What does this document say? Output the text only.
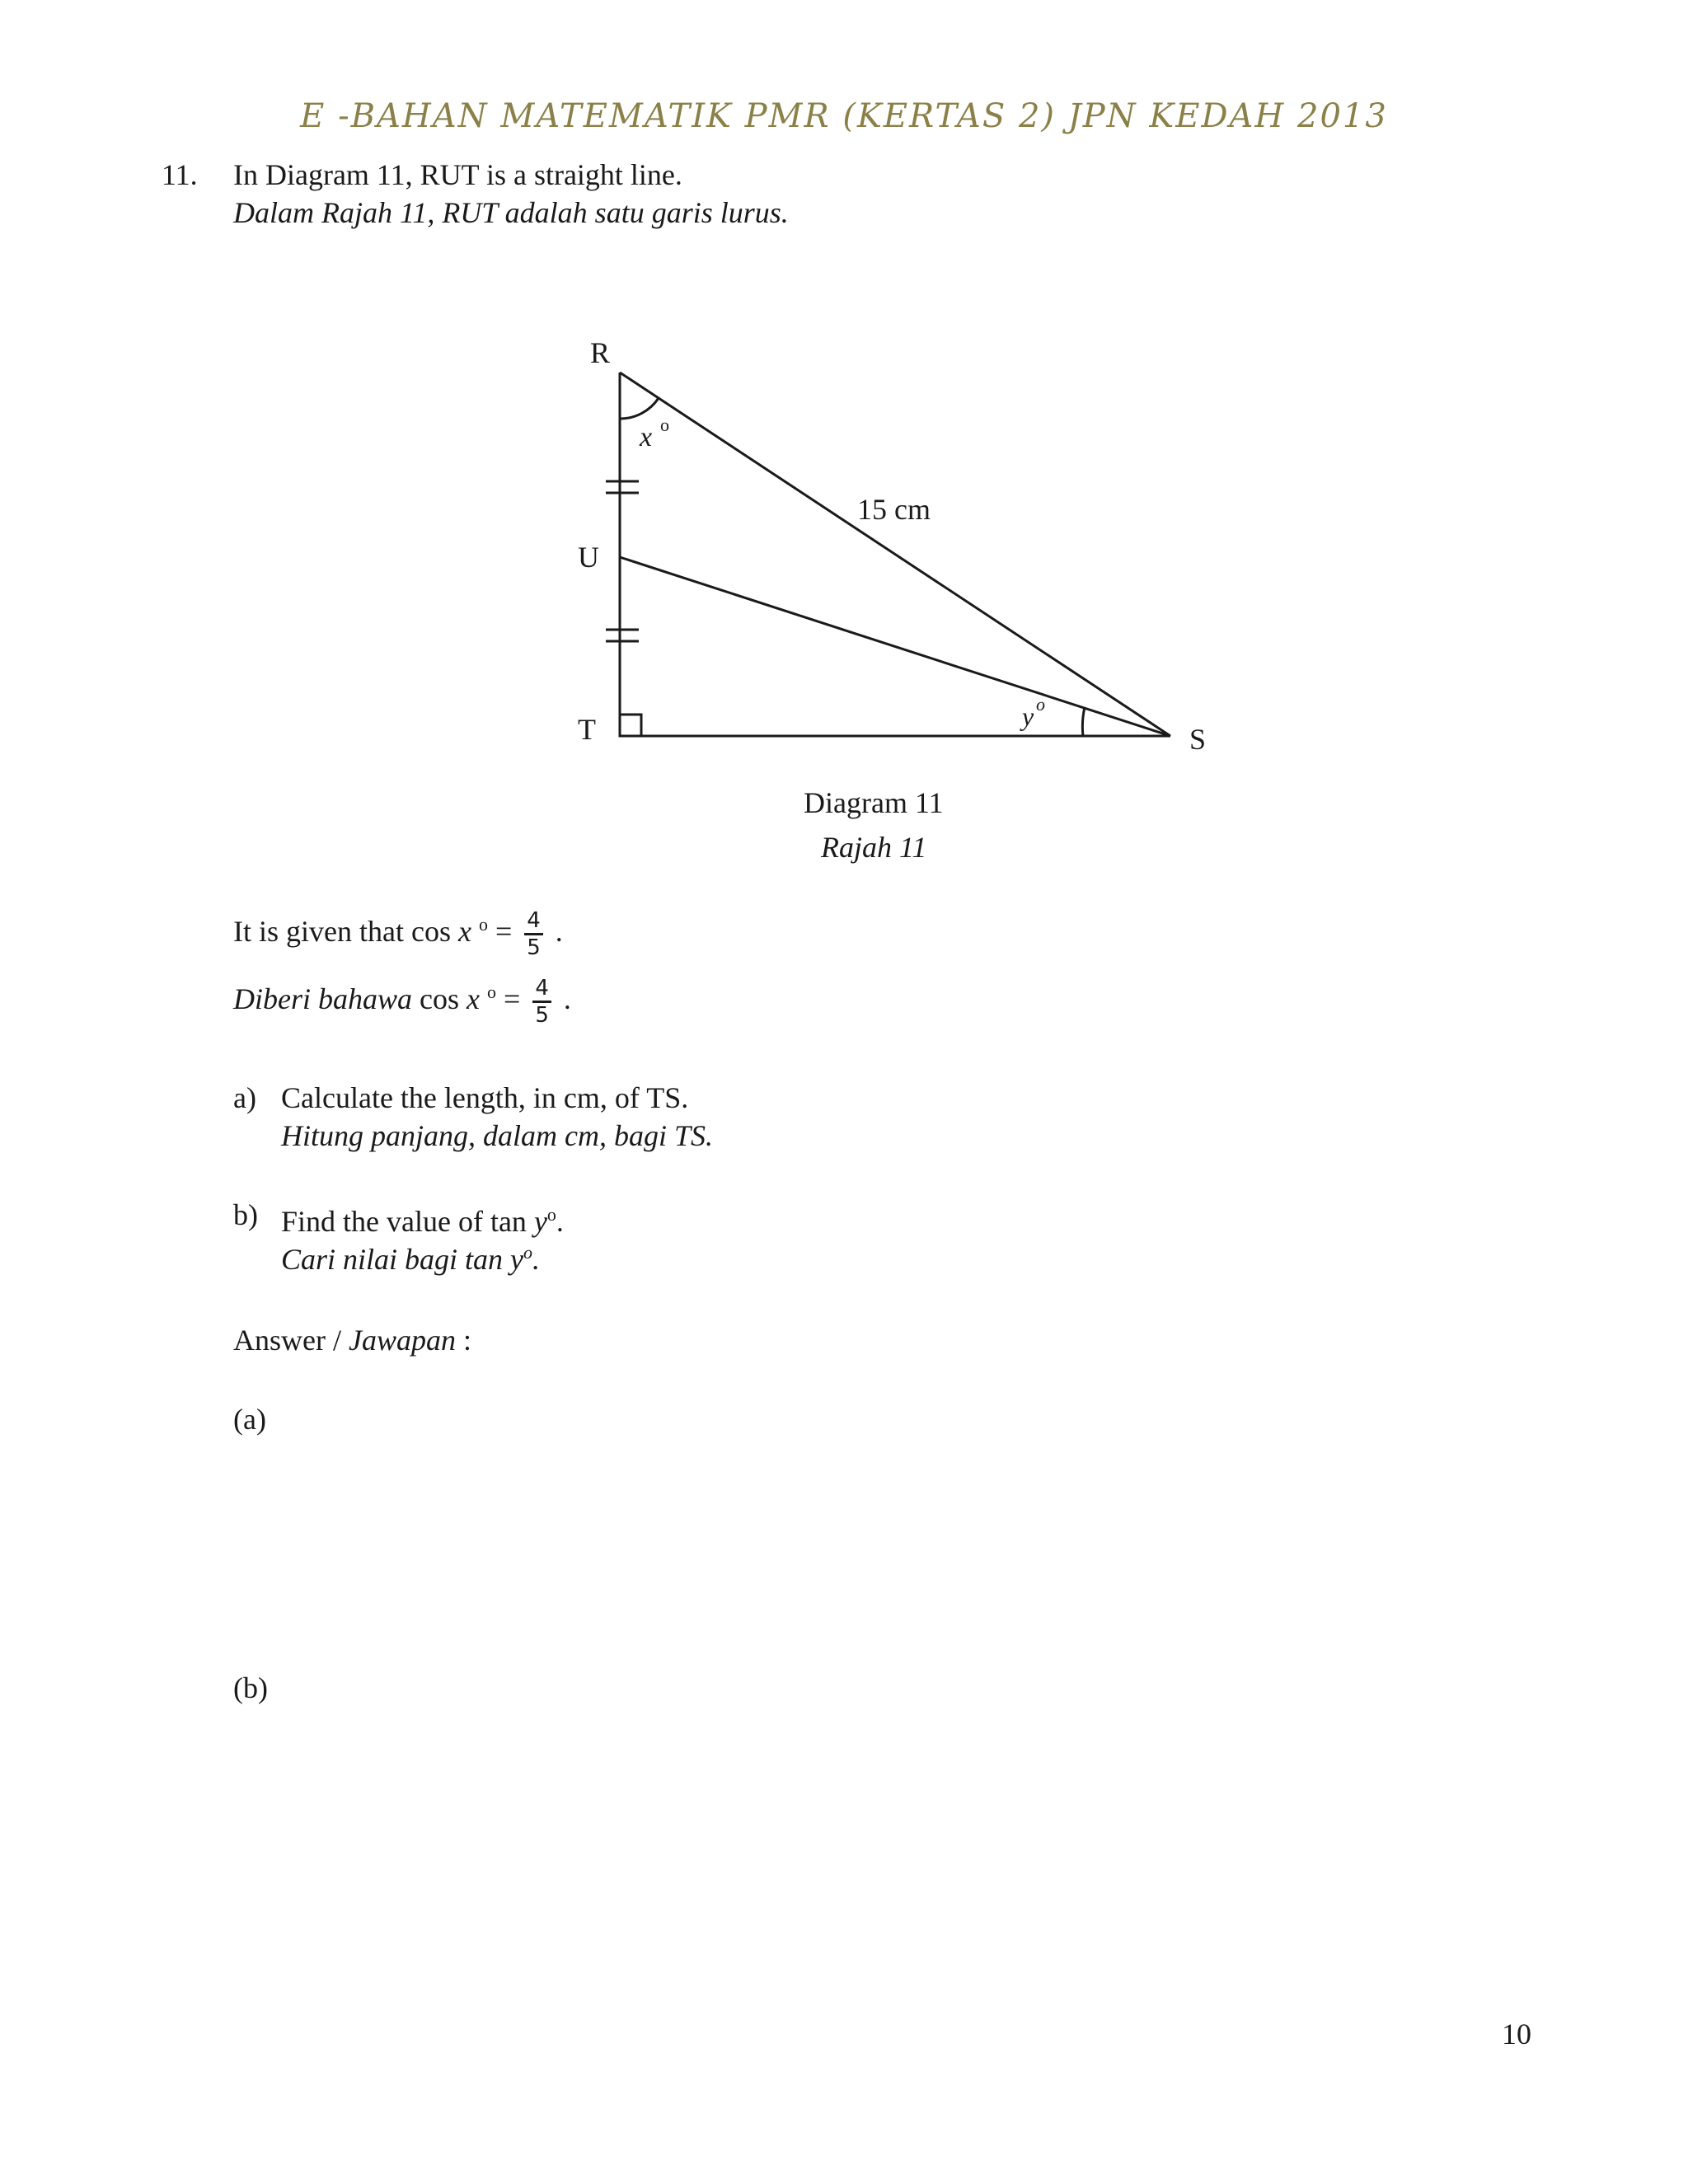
E -BAHAN MATEMATIK PMR (KERTAS 2) JPN KEDAH 2013
11. In Diagram 11, RUT is a straight line.
Dalam Rajah 11, RUT adalah satu garis lurus.
R
U
T	S
x o
y o
15 cm
Diagram 11
Rajah 11
It is given that cos x $^o = \frac{4}{5}$ .
Diberi bahawa cos x $^o = \frac{4}{5}$ .
a) Calculate the length, in cm, of TS.
Hitung panjang, dalam cm, bagi TS.
b) Find the value of $\tan y^o$.
Cari nilai bagi $\tan y^o$.
Answer / Jawapan :
(a)
(b)
10
